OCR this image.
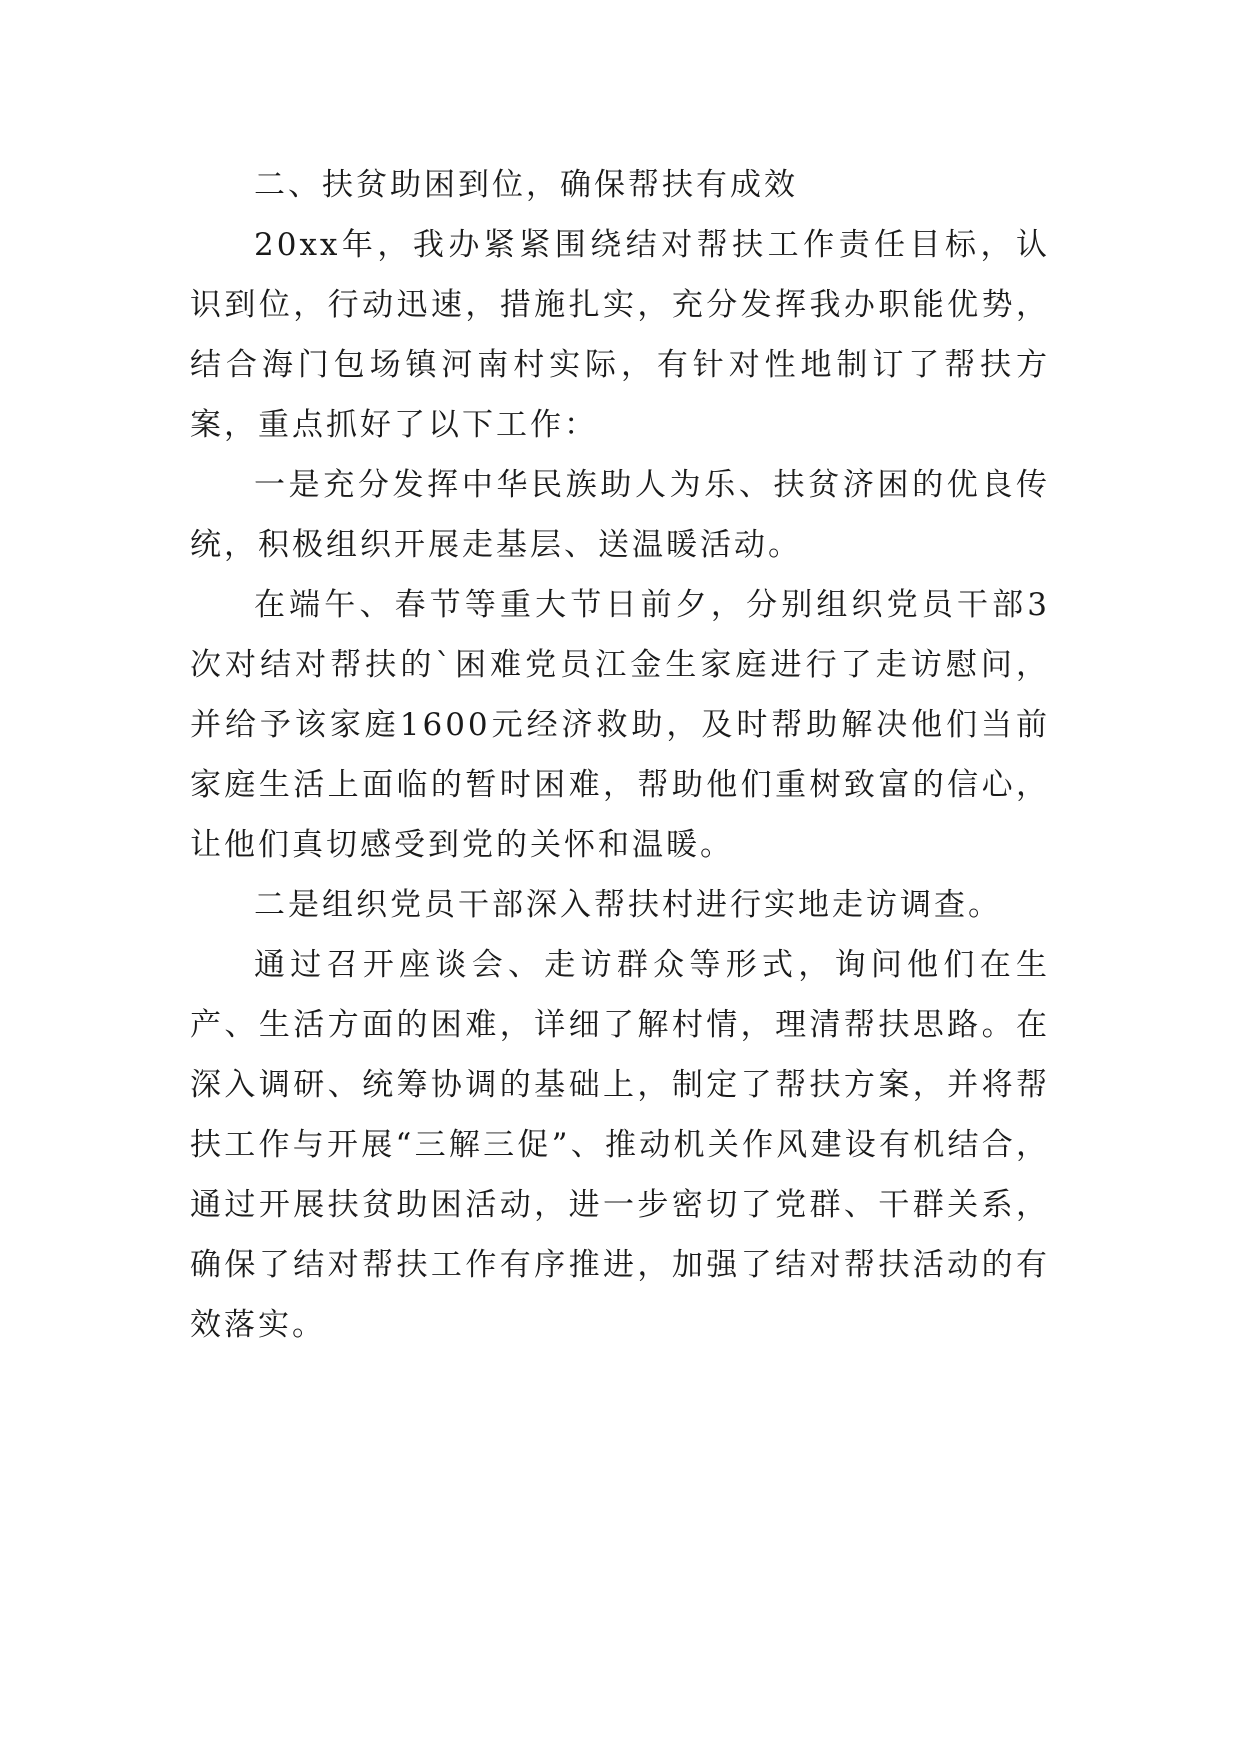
二、扶贫助困到位，确保帮扶有成效

20xx年，我办紧紧围绕结对帮扶工作责任目标，认识到位，行动迅速，措施扎实，充分发挥我办职能优势，结合海门包场镇河南村实际，有针对性地制订了帮扶方案，重点抓好了以下工作：

一是充分发挥中华民族助人为乐、扶贫济困的优良传统，积极组织开展走基层、送温暖活动。

在端午、春节等重大节日前夕，分别组织党员干部3次对结对帮扶的`困难党员江金生家庭进行了走访慰问，并给予该家庭1600元经济救助，及时帮助解决他们当前家庭生活上面临的暂时困难，帮助他们重树致富的信心，让他们真切感受到党的关怀和温暖。

二是组织党员干部深入帮扶村进行实地走访调查。

通过召开座谈会、走访群众等形式，询问他们在生产、生活方面的困难，详细了解村情，理清帮扶思路。在深入调研、统筹协调的基础上，制定了帮扶方案，并将帮扶工作与开展“三解三促”、推动机关作风建设有机结合，通过开展扶贫助困活动，进一步密切了党群、干群关系，确保了结对帮扶工作有序推进，加强了结对帮扶活动的有效落实。
